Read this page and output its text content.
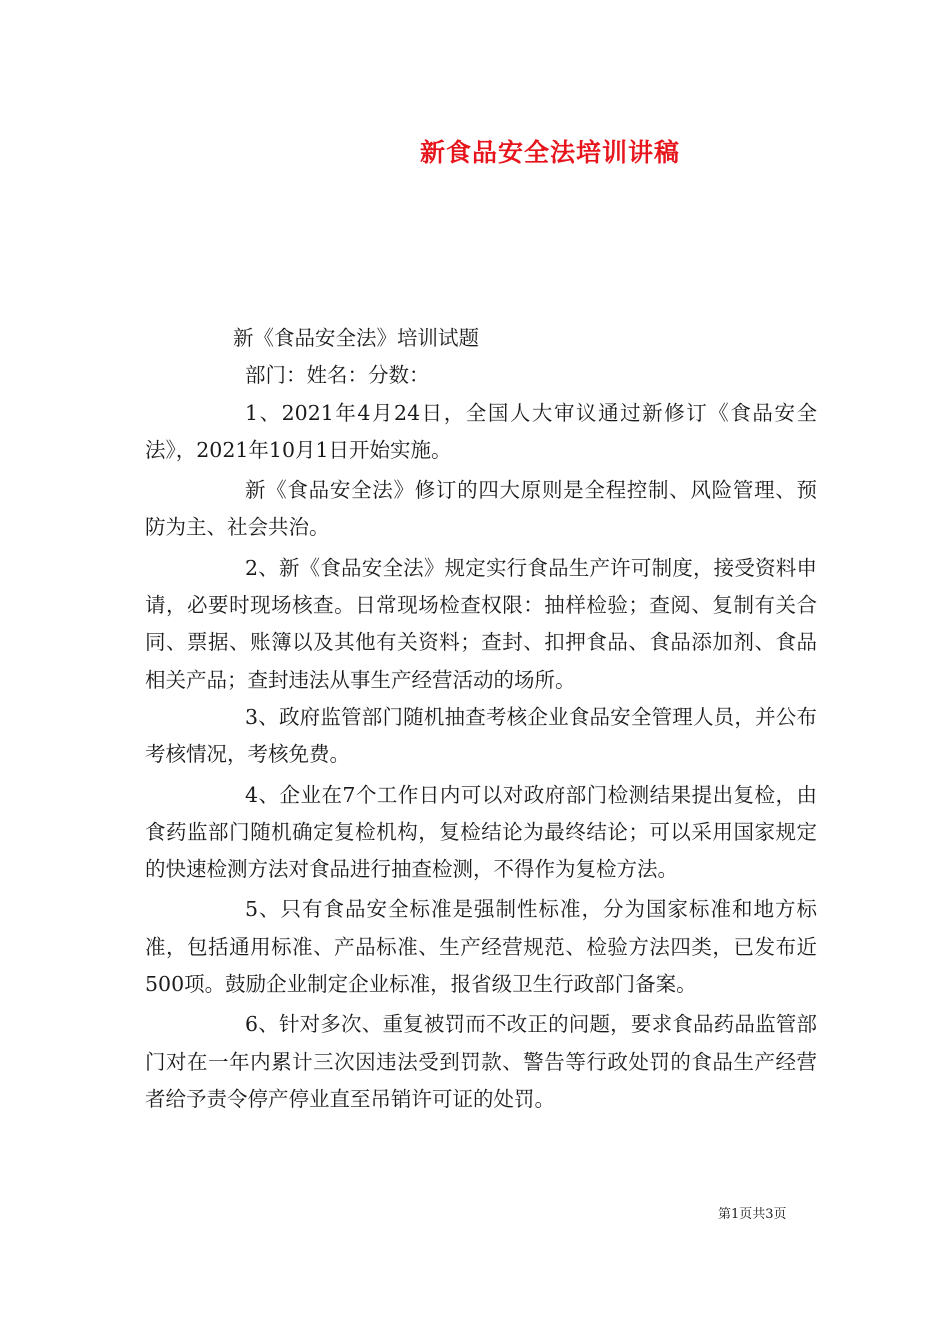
新食品安全法培训讲稿

新《食品安全法》培训试题

部门：姓名：分数：

1、2021年4月24日，全国人大审议通过新修订《食品安全法》，2021年10月1日开始实施。

新《食品安全法》修订的四大原则是全程控制、风险管理、预防为主、社会共治。

2、新《食品安全法》规定实行食品生产许可制度，接受资料申请，必要时现场核查。日常现场检查权限：抽样检验；查阅、复制有关合同、票据、账簿以及其他有关资料；查封、扣押食品、食品添加剂、食品相关产品；查封违法从事生产经营活动的场所。

3、政府监管部门随机抽查考核企业食品安全管理人员，并公布考核情况，考核免费。

4、企业在7个工作日内可以对政府部门检测结果提出复检，由食药监部门随机确定复检机构，复检结论为最终结论；可以采用国家规定的快速检测方法对食品进行抽查检测，不得作为复检方法。

5、只有食品安全标准是强制性标准，分为国家标准和地方标准，包括通用标准、产品标准、生产经营规范、检验方法四类，已发布近500项。鼓励企业制定企业标准，报省级卫生行政部门备案。

6、针对多次、重复被罚而不改正的问题，要求食品药品监管部门对在一年内累计三次因违法受到罚款、警告等行政处罚的食品生产经营者给予责令停产停业直至吊销许可证的处罚。

第1页共3页
